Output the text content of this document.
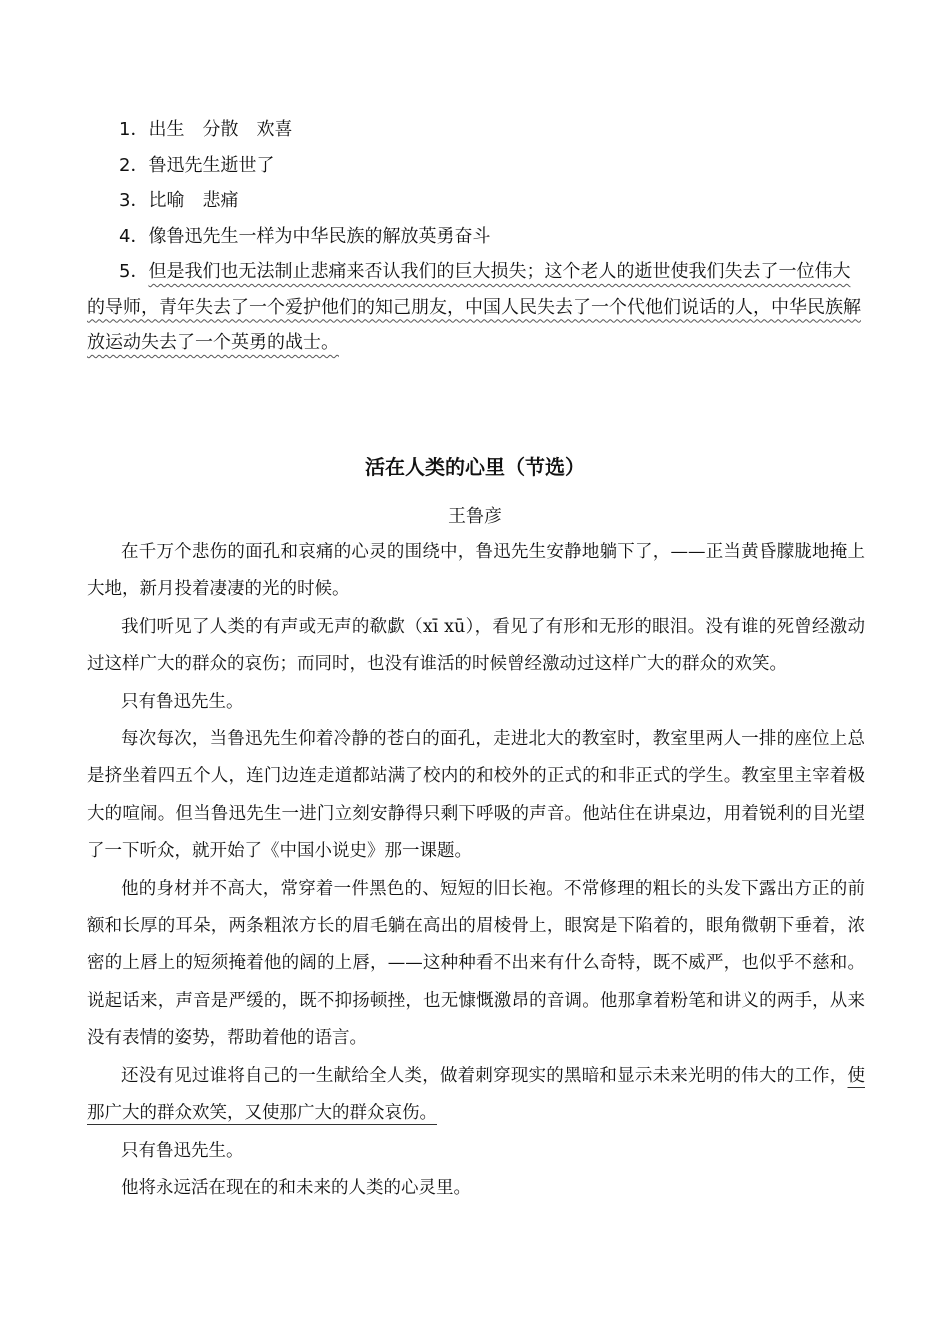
1．出生　分散　欢喜

2．鲁迅先生逝世了

3．比喻　悲痛

4．像鲁迅先生一样为中华民族的解放英勇奋斗

5．但是我们也无法制止悲痛来否认我们的巨大损失；这个老人的逝世使我们失去了一位伟大的导师，青年失去了一个爱护他们的知己朋友，中国人民失去了一个代他们说话的人，中华民族解放运动失去了一个英勇的战士。

活在人类的心里（节选）
王鲁彦

在千万个悲伤的面孔和哀痛的心灵的围绕中，鲁迅先生安静地躺下了，——正当黄昏朦胧地掩上大地，新月投着凄凄的光的时候。

我们听见了人类的有声或无声的欷歔（xī xū），看见了有形和无形的眼泪。没有谁的死曾经激动过这样广大的群众的哀伤；而同时，也没有谁活的时候曾经激动过这样广大的群众的欢笑。

只有鲁迅先生。

每次每次，当鲁迅先生仰着冷静的苍白的面孔，走进北大的教室时，教室里两人一排的座位上总是挤坐着四五个人，连门边连走道都站满了校内的和校外的正式的和非正式的学生。教室里主宰着极大的喧闹。但当鲁迅先生一进门立刻安静得只剩下呼吸的声音。他站住在讲桌边，用着锐利的目光望了一下听众，就开始了《中国小说史》那一课题。

他的身材并不高大，常穿着一件黑色的、短短的旧长袍。不常修理的粗长的头发下露出方正的前额和长厚的耳朵，两条粗浓方长的眉毛躺在高出的眉棱骨上，眼窝是下陷着的，眼角微朝下垂着，浓密的上唇上的短须掩着他的阔的上唇，——这种种看不出来有什么奇特，既不威严，也似乎不慈和。说起话来，声音是严缓的，既不抑扬顿挫，也无慷慨激昂的音调。他那拿着粉笔和讲义的两手，从来没有表情的姿势，帮助着他的语言。

还没有见过谁将自己的一生献给全人类，做着刺穿现实的黑暗和显示未来光明的伟大的工作，使那广大的群众欢笑，又使那广大的群众哀伤。

只有鲁迅先生。

他将永远活在现在的和未来的人类的心灵里。
